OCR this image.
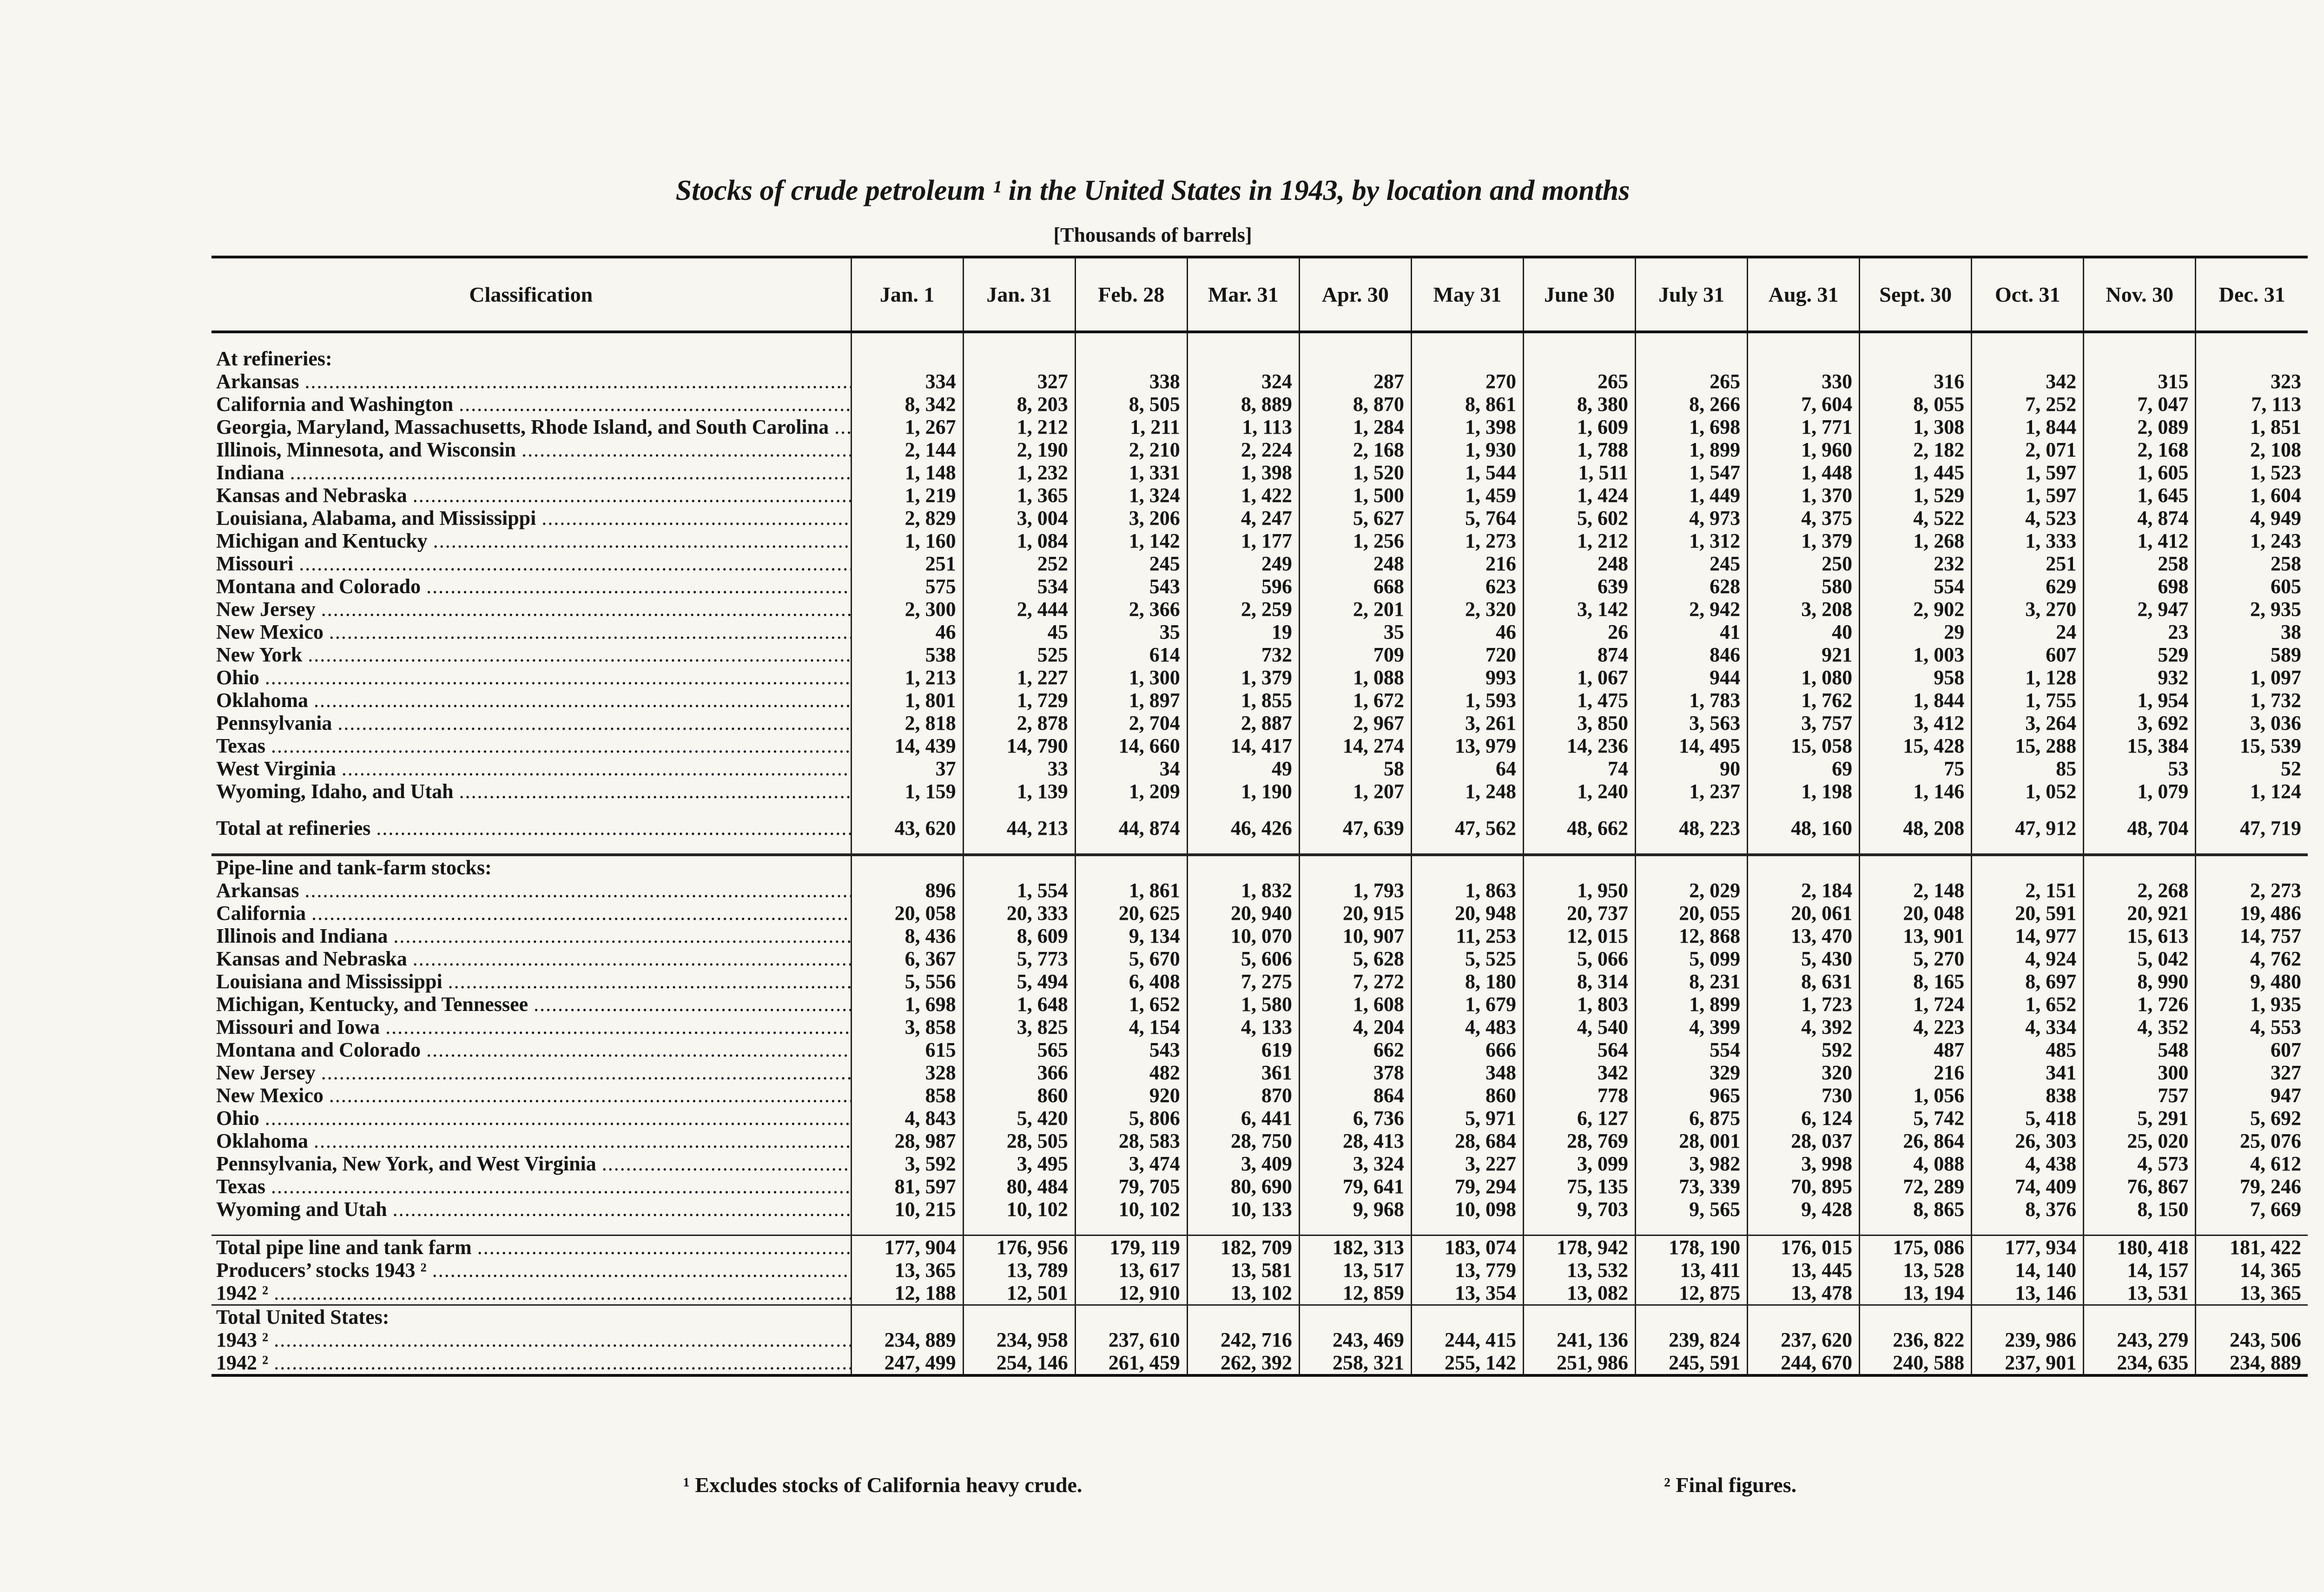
Stocks of crude petroleum ¹ in the United States in 1943, by location and months
[Thousands of barrels]
Classification	Jan. 1	Jan. 31	Feb. 28	Mar. 31	Apr. 30	May 31	June 30	July 31	Aug. 31	Sept. 30	Oct. 31	Nov. 30	Dec. 31

At refineries:													
Arkansas .....	334	327	338	324	287	270	265	265	330	316	342	315	323
California and Washington .....	8, 342	8, 203	8, 505	8, 889	8, 870	8, 861	8, 380	8, 266	7, 604	8, 055	7, 252	7, 047	7, 113
Georgia, Maryland, Massachusetts, Rhode Island, and South Carolina .....	1, 267	1, 212	1, 211	1, 113	1, 284	1, 398	1, 609	1, 698	1, 771	1, 308	1, 844	2, 089	1, 851
Illinois, Minnesota, and Wisconsin .....	2, 144	2, 190	2, 210	2, 224	2, 168	1, 930	1, 788	1, 899	1, 960	2, 182	2, 071	2, 168	2, 108
Indiana .....	1, 148	1, 232	1, 331	1, 398	1, 520	1, 544	1, 511	1, 547	1, 448	1, 445	1, 597	1, 605	1, 523
Kansas and Nebraska .....	1, 219	1, 365	1, 324	1, 422	1, 500	1, 459	1, 424	1, 449	1, 370	1, 529	1, 597	1, 645	1, 604
Louisiana, Alabama, and Mississippi .....	2, 829	3, 004	3, 206	4, 247	5, 627	5, 764	5, 602	4, 973	4, 375	4, 522	4, 523	4, 874	4, 949
Michigan and Kentucky .....	1, 160	1, 084	1, 142	1, 177	1, 256	1, 273	1, 212	1, 312	1, 379	1, 268	1, 333	1, 412	1, 243
Missouri .....	251	252	245	249	248	216	248	245	250	232	251	258	258
Montana and Colorado .....	575	534	543	596	668	623	639	628	580	554	629	698	605
New Jersey .....	2, 300	2, 444	2, 366	2, 259	2, 201	2, 320	3, 142	2, 942	3, 208	2, 902	3, 270	2, 947	2, 935
New Mexico .....	46	45	35	19	35	46	26	41	40	29	24	23	38
New York .....	538	525	614	732	709	720	874	846	921	1, 003	607	529	589
Ohio .....	1, 213	1, 227	1, 300	1, 379	1, 088	993	1, 067	944	1, 080	958	1, 128	932	1, 097
Oklahoma .....	1, 801	1, 729	1, 897	1, 855	1, 672	1, 593	1, 475	1, 783	1, 762	1, 844	1, 755	1, 954	1, 732
Pennsylvania .....	2, 818	2, 878	2, 704	2, 887	2, 967	3, 261	3, 850	3, 563	3, 757	3, 412	3, 264	3, 692	3, 036
Texas .....	14, 439	14, 790	14, 660	14, 417	14, 274	13, 979	14, 236	14, 495	15, 058	15, 428	15, 288	15, 384	15, 539
West Virginia .....	37	33	34	49	58	64	74	90	69	75	85	53	52
Wyoming, Idaho, and Utah .....	1, 159	1, 139	1, 209	1, 190	1, 207	1, 248	1, 240	1, 237	1, 198	1, 146	1, 052	1, 079	1, 124

Total at refineries .....	43, 620	44, 213	44, 874	46, 426	47, 639	47, 562	48, 662	48, 223	48, 160	48, 208	47, 912	48, 704	47, 719

Pipe-line and tank-farm stocks:													
Arkansas .....	896	1, 554	1, 861	1, 832	1, 793	1, 863	1, 950	2, 029	2, 184	2, 148	2, 151	2, 268	2, 273
California .....	20, 058	20, 333	20, 625	20, 940	20, 915	20, 948	20, 737	20, 055	20, 061	20, 048	20, 591	20, 921	19, 486
Illinois and Indiana .....	8, 436	8, 609	9, 134	10, 070	10, 907	11, 253	12, 015	12, 868	13, 470	13, 901	14, 977	15, 613	14, 757
Kansas and Nebraska .....	6, 367	5, 773	5, 670	5, 606	5, 628	5, 525	5, 066	5, 099	5, 430	5, 270	4, 924	5, 042	4, 762
Louisiana and Mississippi .....	5, 556	5, 494	6, 408	7, 275	7, 272	8, 180	8, 314	8, 231	8, 631	8, 165	8, 697	8, 990	9, 480
Michigan, Kentucky, and Tennessee .....	1, 698	1, 648	1, 652	1, 580	1, 608	1, 679	1, 803	1, 899	1, 723	1, 724	1, 652	1, 726	1, 935
Missouri and Iowa .....	3, 858	3, 825	4, 154	4, 133	4, 204	4, 483	4, 540	4, 399	4, 392	4, 223	4, 334	4, 352	4, 553
Montana and Colorado .....	615	565	543	619	662	666	564	554	592	487	485	548	607
New Jersey .....	328	366	482	361	378	348	342	329	320	216	341	300	327
New Mexico .....	858	860	920	870	864	860	778	965	730	1, 056	838	757	947
Ohio .....	4, 843	5, 420	5, 806	6, 441	6, 736	5, 971	6, 127	6, 875	6, 124	5, 742	5, 418	5, 291	5, 692
Oklahoma .....	28, 987	28, 505	28, 583	28, 750	28, 413	28, 684	28, 769	28, 001	28, 037	26, 864	26, 303	25, 020	25, 076
Pennsylvania, New York, and West Virginia .....	3, 592	3, 495	3, 474	3, 409	3, 324	3, 227	3, 099	3, 982	3, 998	4, 088	4, 438	4, 573	4, 612
Texas .....	81, 597	80, 484	79, 705	80, 690	79, 641	79, 294	75, 135	73, 339	70, 895	72, 289	74, 409	76, 867	79, 246
Wyoming and Utah .....	10, 215	10, 102	10, 102	10, 133	9, 968	10, 098	9, 703	9, 565	9, 428	8, 865	8, 376	8, 150	7, 669

Total pipe line and tank farm .....	177, 904	176, 956	179, 119	182, 709	182, 313	183, 074	178, 942	178, 190	176, 015	175, 086	177, 934	180, 418	181, 422
Producers’ stocks 1943 ² .....	13, 365	13, 789	13, 617	13, 581	13, 517	13, 779	13, 532	13, 411	13, 445	13, 528	14, 140	14, 157	14, 365
1942 ² .....	12, 188	12, 501	12, 910	13, 102	12, 859	13, 354	13, 082	12, 875	13, 478	13, 194	13, 146	13, 531	13, 365
Total United States:													
1943 ² .....	234, 889	234, 958	237, 610	242, 716	243, 469	244, 415	241, 136	239, 824	237, 620	236, 822	239, 986	243, 279	243, 506
1942 ² .....	247, 499	254, 146	261, 459	262, 392	258, 321	255, 142	251, 986	245, 591	244, 670	240, 588	237, 901	234, 635	234, 889
¹ Excludes stocks of California heavy crude.	² Final figures.
